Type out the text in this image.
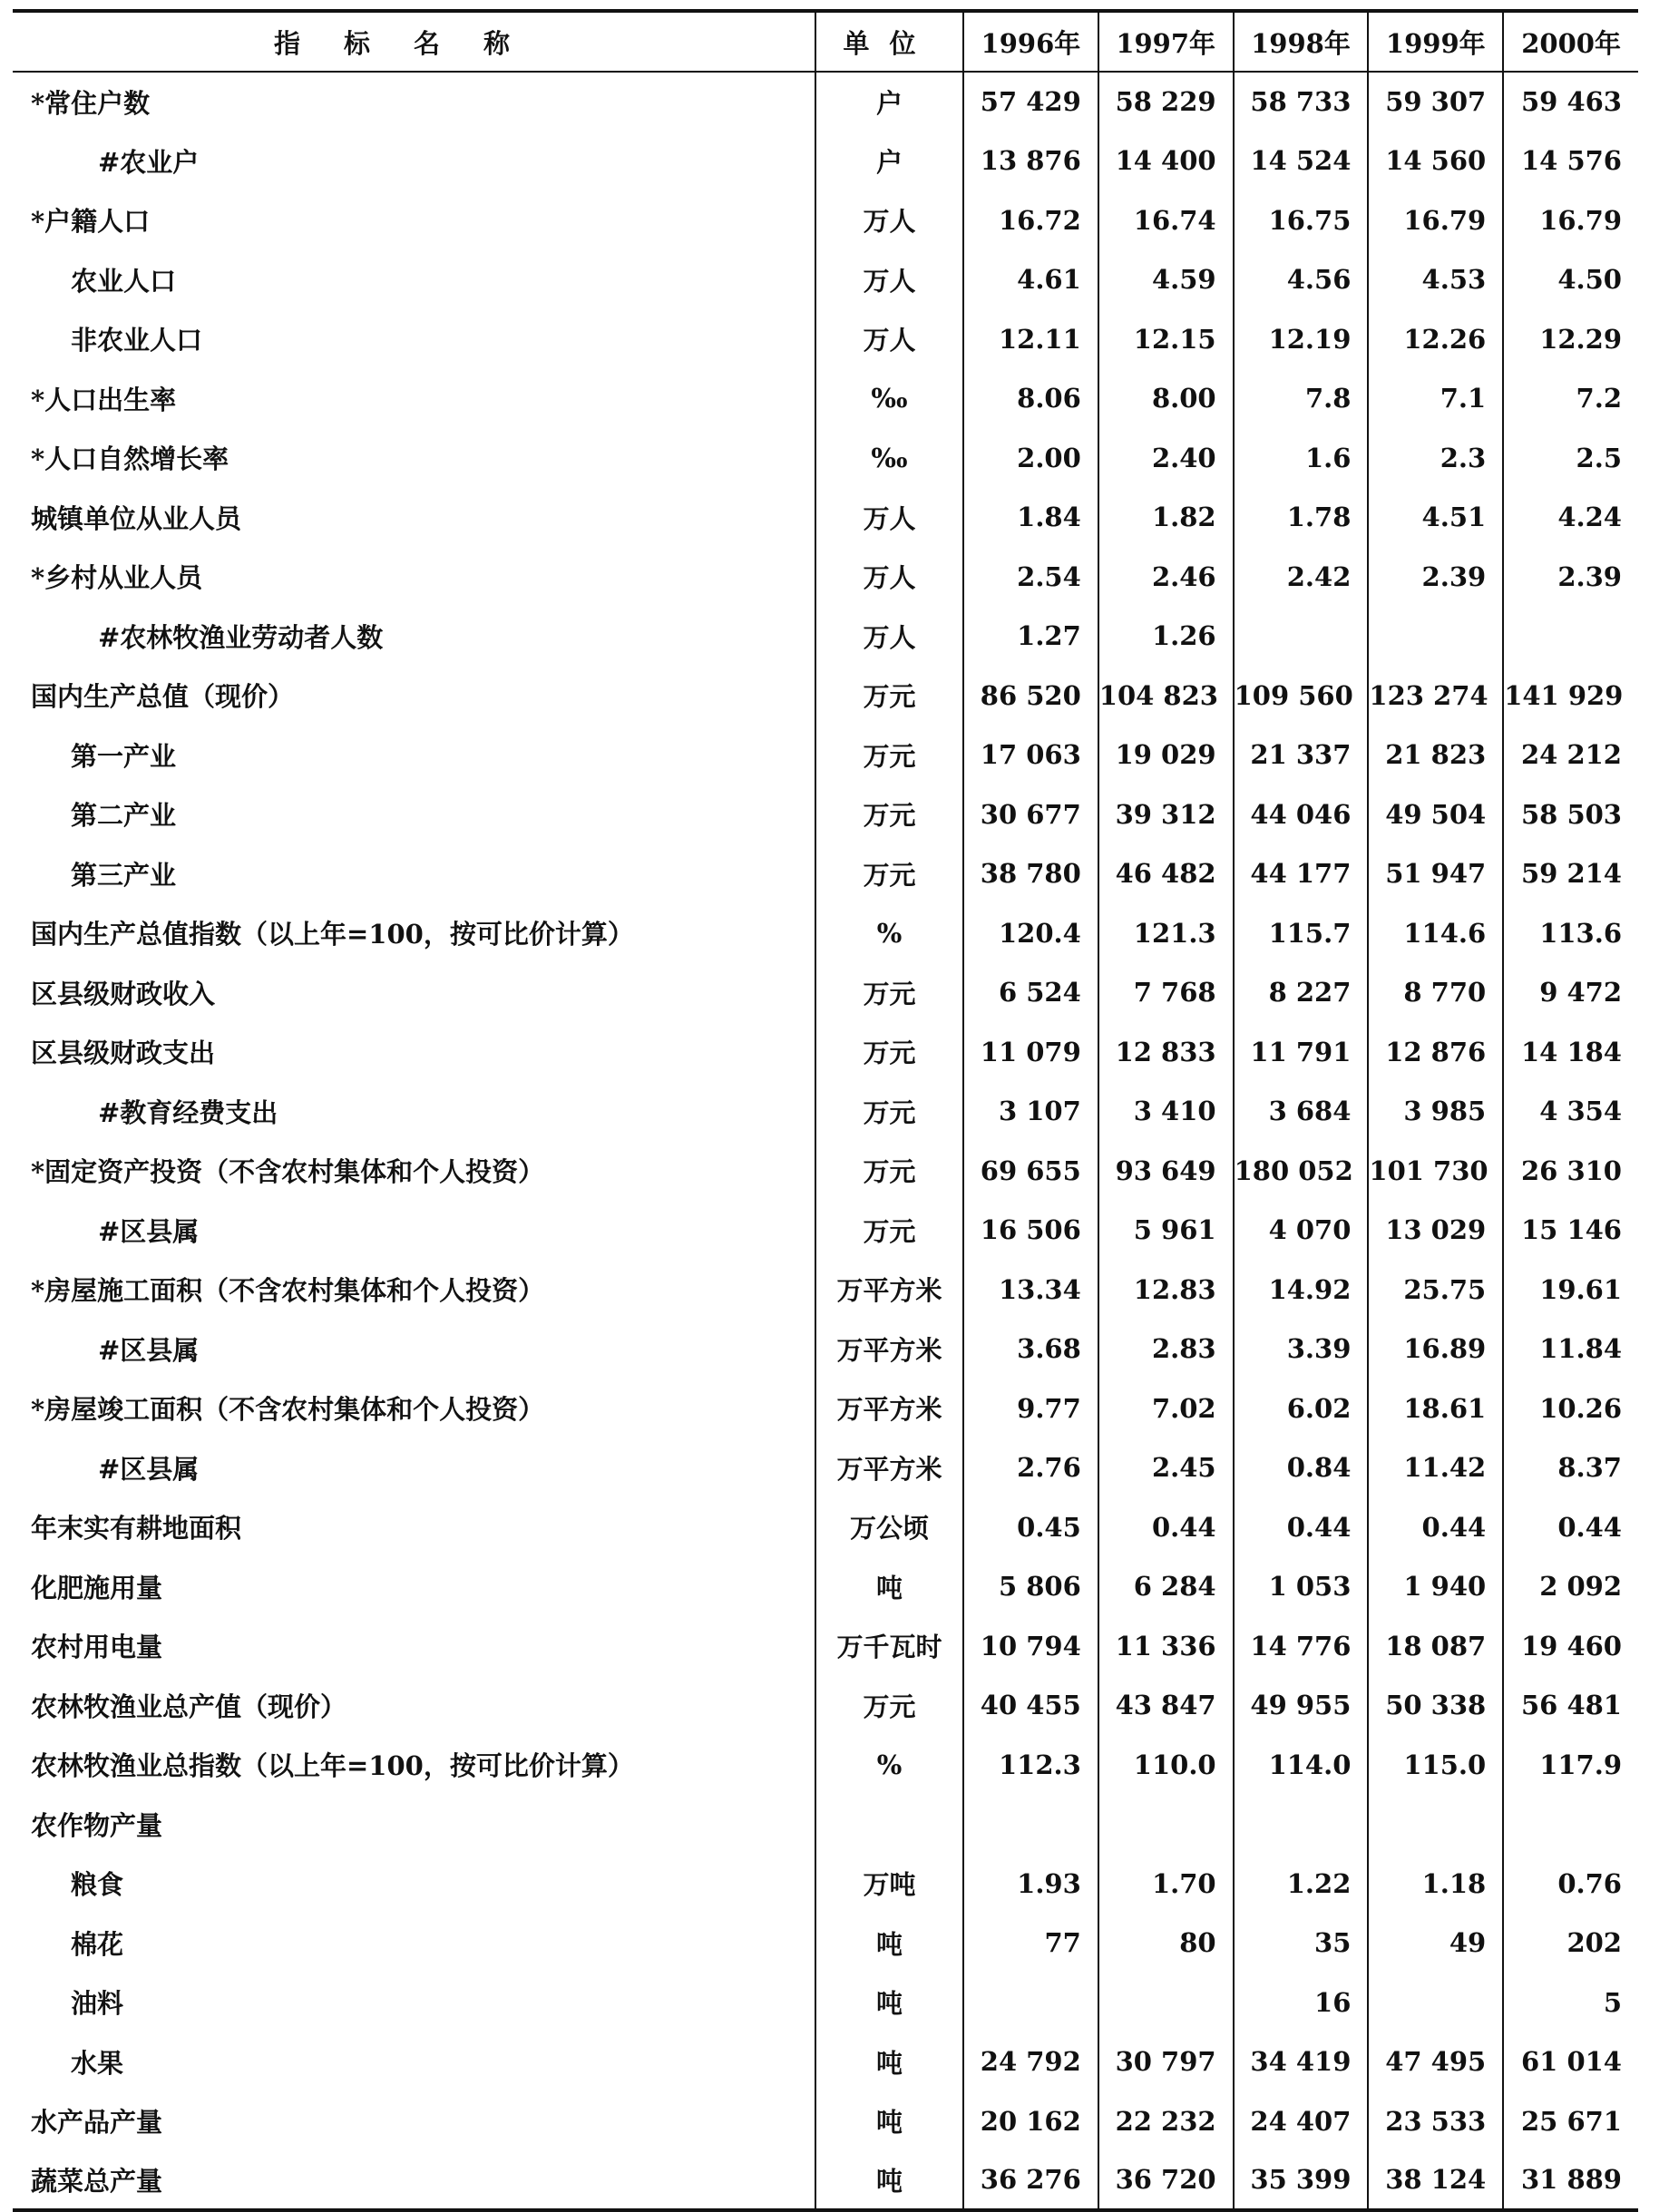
指标名称	单位	1996年	1997年	1998年	1999年	2000年
*常住户数	户	57 429	58 229	58 733	59 307	59 463
#农业户	户	13 876	14 400	14 524	14 560	14 576
*户籍人口	万人	16.72	16.74	16.75	16.79	16.79
农业人口	万人	4.61	4.59	4.56	4.53	4.50
非农业人口	万人	12.11	12.15	12.19	12.26	12.29
*人口出生率	‰	8.06	8.00	7.8	7.1	7.2
*人口自然增长率	‰	2.00	2.40	1.6	2.3	2.5
城镇单位从业人员	万人	1.84	1.82	1.78	4.51	4.24
*乡村从业人员	万人	2.54	2.46	2.42	2.39	2.39
#农林牧渔业劳动者人数	万人	1.27	1.26			
国内生产总值（现价）	万元	86 520	104 823	109 560	123 274	141 929
第一产业	万元	17 063	19 029	21 337	21 823	24 212
第二产业	万元	30 677	39 312	44 046	49 504	58 503
第三产业	万元	38 780	46 482	44 177	51 947	59 214
国内生产总值指数（以上年=100，按可比价计算）	%	120.4	121.3	115.7	114.6	113.6
区县级财政收入	万元	6 524	7 768	8 227	8 770	9 472
区县级财政支出	万元	11 079	12 833	11 791	12 876	14 184
#教育经费支出	万元	3 107	3 410	3 684	3 985	4 354
*固定资产投资（不含农村集体和个人投资）	万元	69 655	93 649	180 052	101 730	26 310
#区县属	万元	16 506	5 961	4 070	13 029	15 146
*房屋施工面积（不含农村集体和个人投资）	万平方米	13.34	12.83	14.92	25.75	19.61
#区县属	万平方米	3.68	2.83	3.39	16.89	11.84
*房屋竣工面积（不含农村集体和个人投资）	万平方米	9.77	7.02	6.02	18.61	10.26
#区县属	万平方米	2.76	2.45	0.84	11.42	8.37
年末实有耕地面积	万公顷	0.45	0.44	0.44	0.44	0.44
化肥施用量	吨	5 806	6 284	1 053	1 940	2 092
农村用电量	万千瓦时	10 794	11 336	14 776	18 087	19 460
农林牧渔业总产值（现价）	万元	40 455	43 847	49 955	50 338	56 481
农林牧渔业总指数（以上年=100，按可比价计算）	%	112.3	110.0	114.0	115.0	117.9
农作物产量						
粮食	万吨	1.93	1.70	1.22	1.18	0.76
棉花	吨	77	80	35	49	202
油料	吨			16		5
水果	吨	24 792	30 797	34 419	47 495	61 014
水产品产量	吨	20 162	22 232	24 407	23 533	25 671
蔬菜总产量	吨	36 276	36 720	35 399	38 124	31 889
